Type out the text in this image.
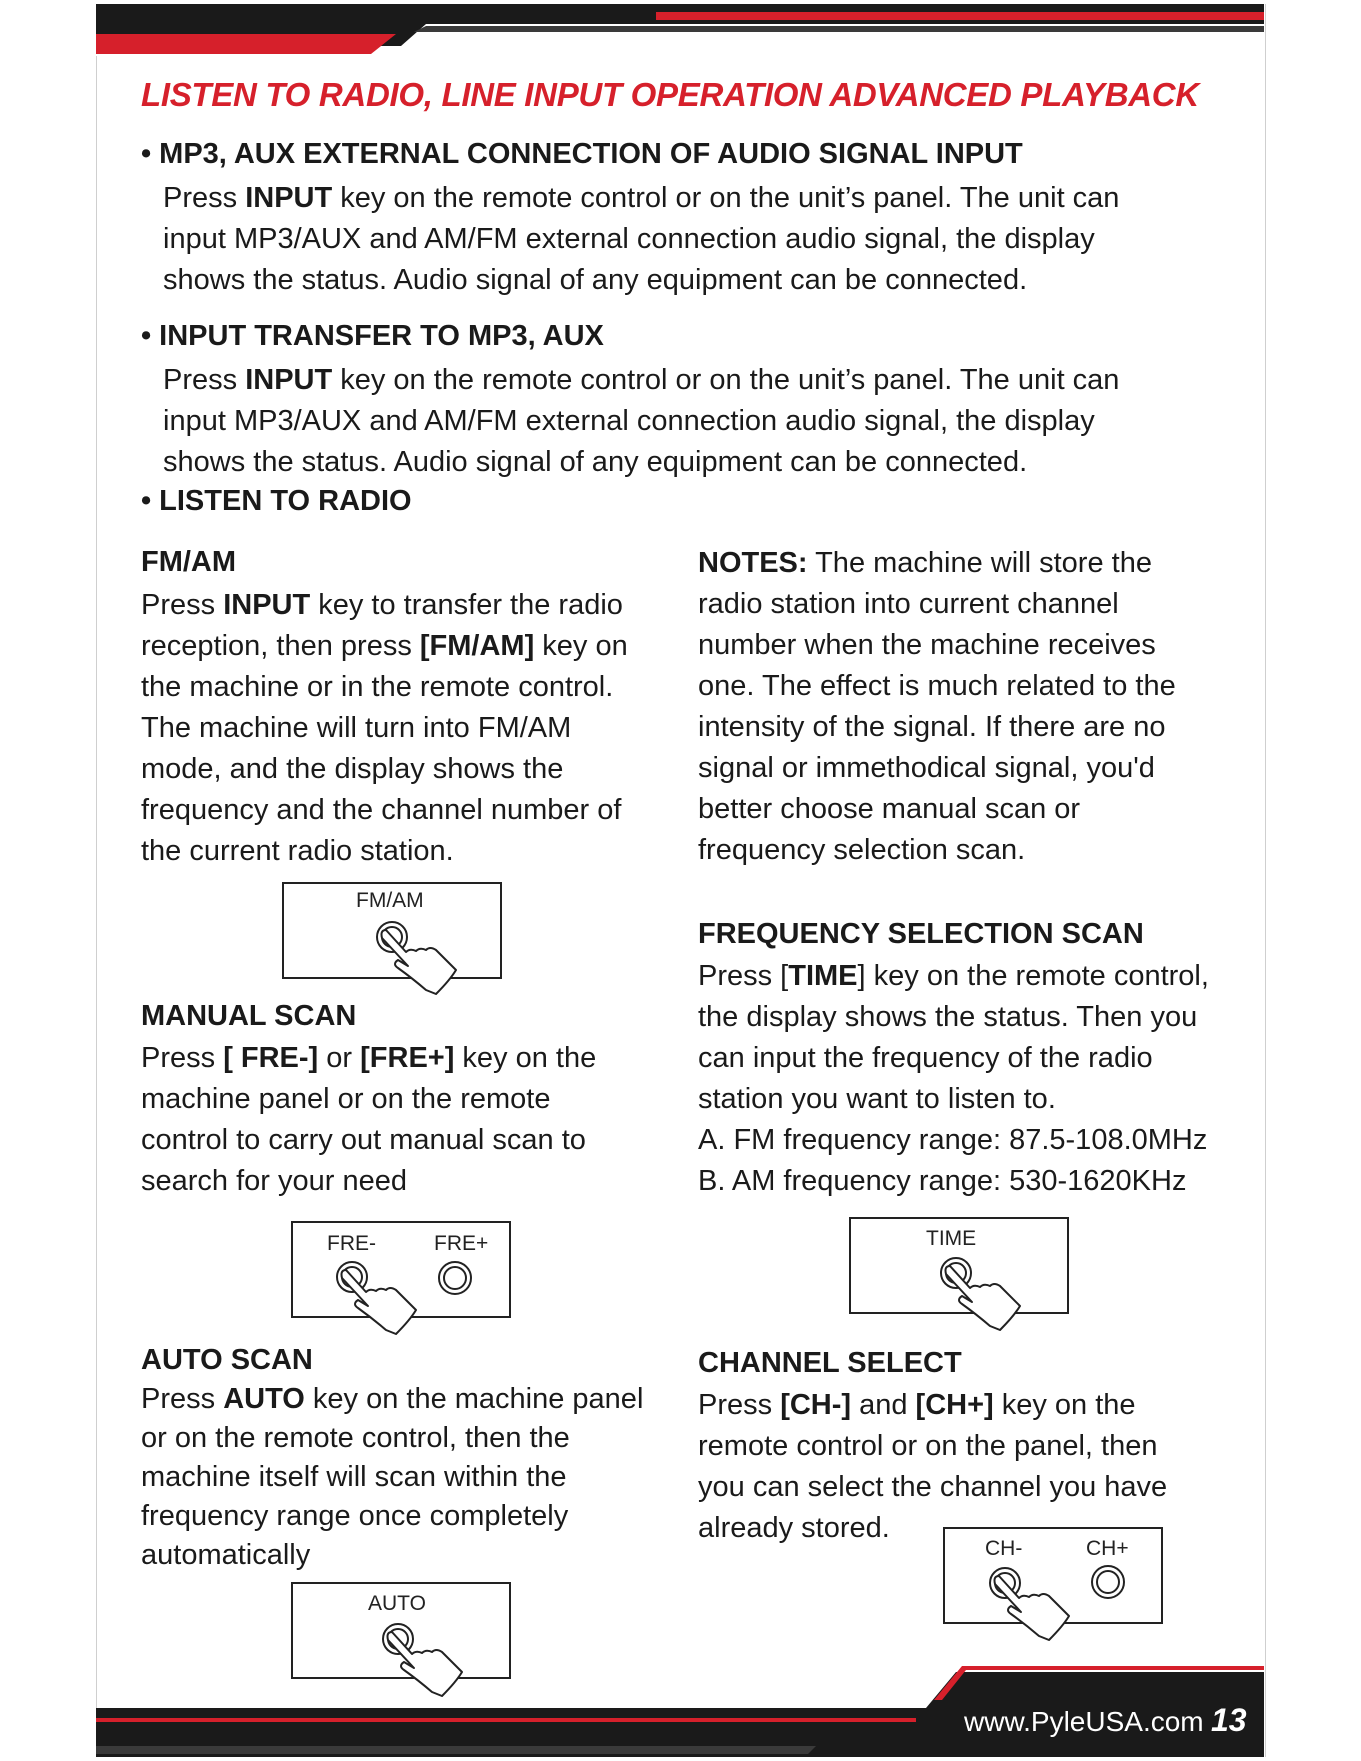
LISTEN TO RADIO, LINE INPUT OPERATION ADVANCED PLAYBACK
• MP3, AUX EXTERNAL CONNECTION OF AUDIO SIGNAL INPUT
Press INPUT key on the remote control or on the unit’s panel. The unit can
input MP3/AUX and AM/FM external connection audio signal, the display
shows the status. Audio signal of any equipment can be connected.
• INPUT TRANSFER TO MP3, AUX
Press INPUT key on the remote control or on the unit’s panel. The unit can
input MP3/AUX and AM/FM external connection audio signal, the display
shows the status. Audio signal of any equipment can be connected.
• LISTEN TO RADIO
FM/AM
Press INPUT key to transfer the radio
reception, then press [FM/AM] key on
the machine or in the remote control.
The machine will turn into FM/AM
mode, and the display shows the
frequency and the channel number of
the current radio station.
FM/AM
MANUAL SCAN
Press [ FRE-] or [FRE+] key on the
machine panel or on the remote
control to carry out manual scan to
search for your need
FRE-	FRE+
AUTO SCAN
Press AUTO key on the machine panel
or on the remote control, then the
machine itself will scan within the
frequency range once completely
automatically
AUTO
NOTES: The machine will store the
radio station into current channel
number when the machine receives
one. The effect is much related to the
intensity of the signal. If there are no
signal or immethodical signal, you'd
better choose manual scan or
frequency selection scan.
FREQUENCY SELECTION SCAN
Press [TIME] key on the remote control,
the display shows the status. Then you
can input the frequency of the radio
station you want to listen to.
A. FM frequency range: 87.5-108.0MHz
B. AM frequency range: 530-1620KHz
TIME
CHANNEL SELECT
Press [CH-] and [CH+] key on the
remote control or on the panel, then
you can select the channel you have
already stored.
CH-	CH+
www.PyleUSA.com 13
